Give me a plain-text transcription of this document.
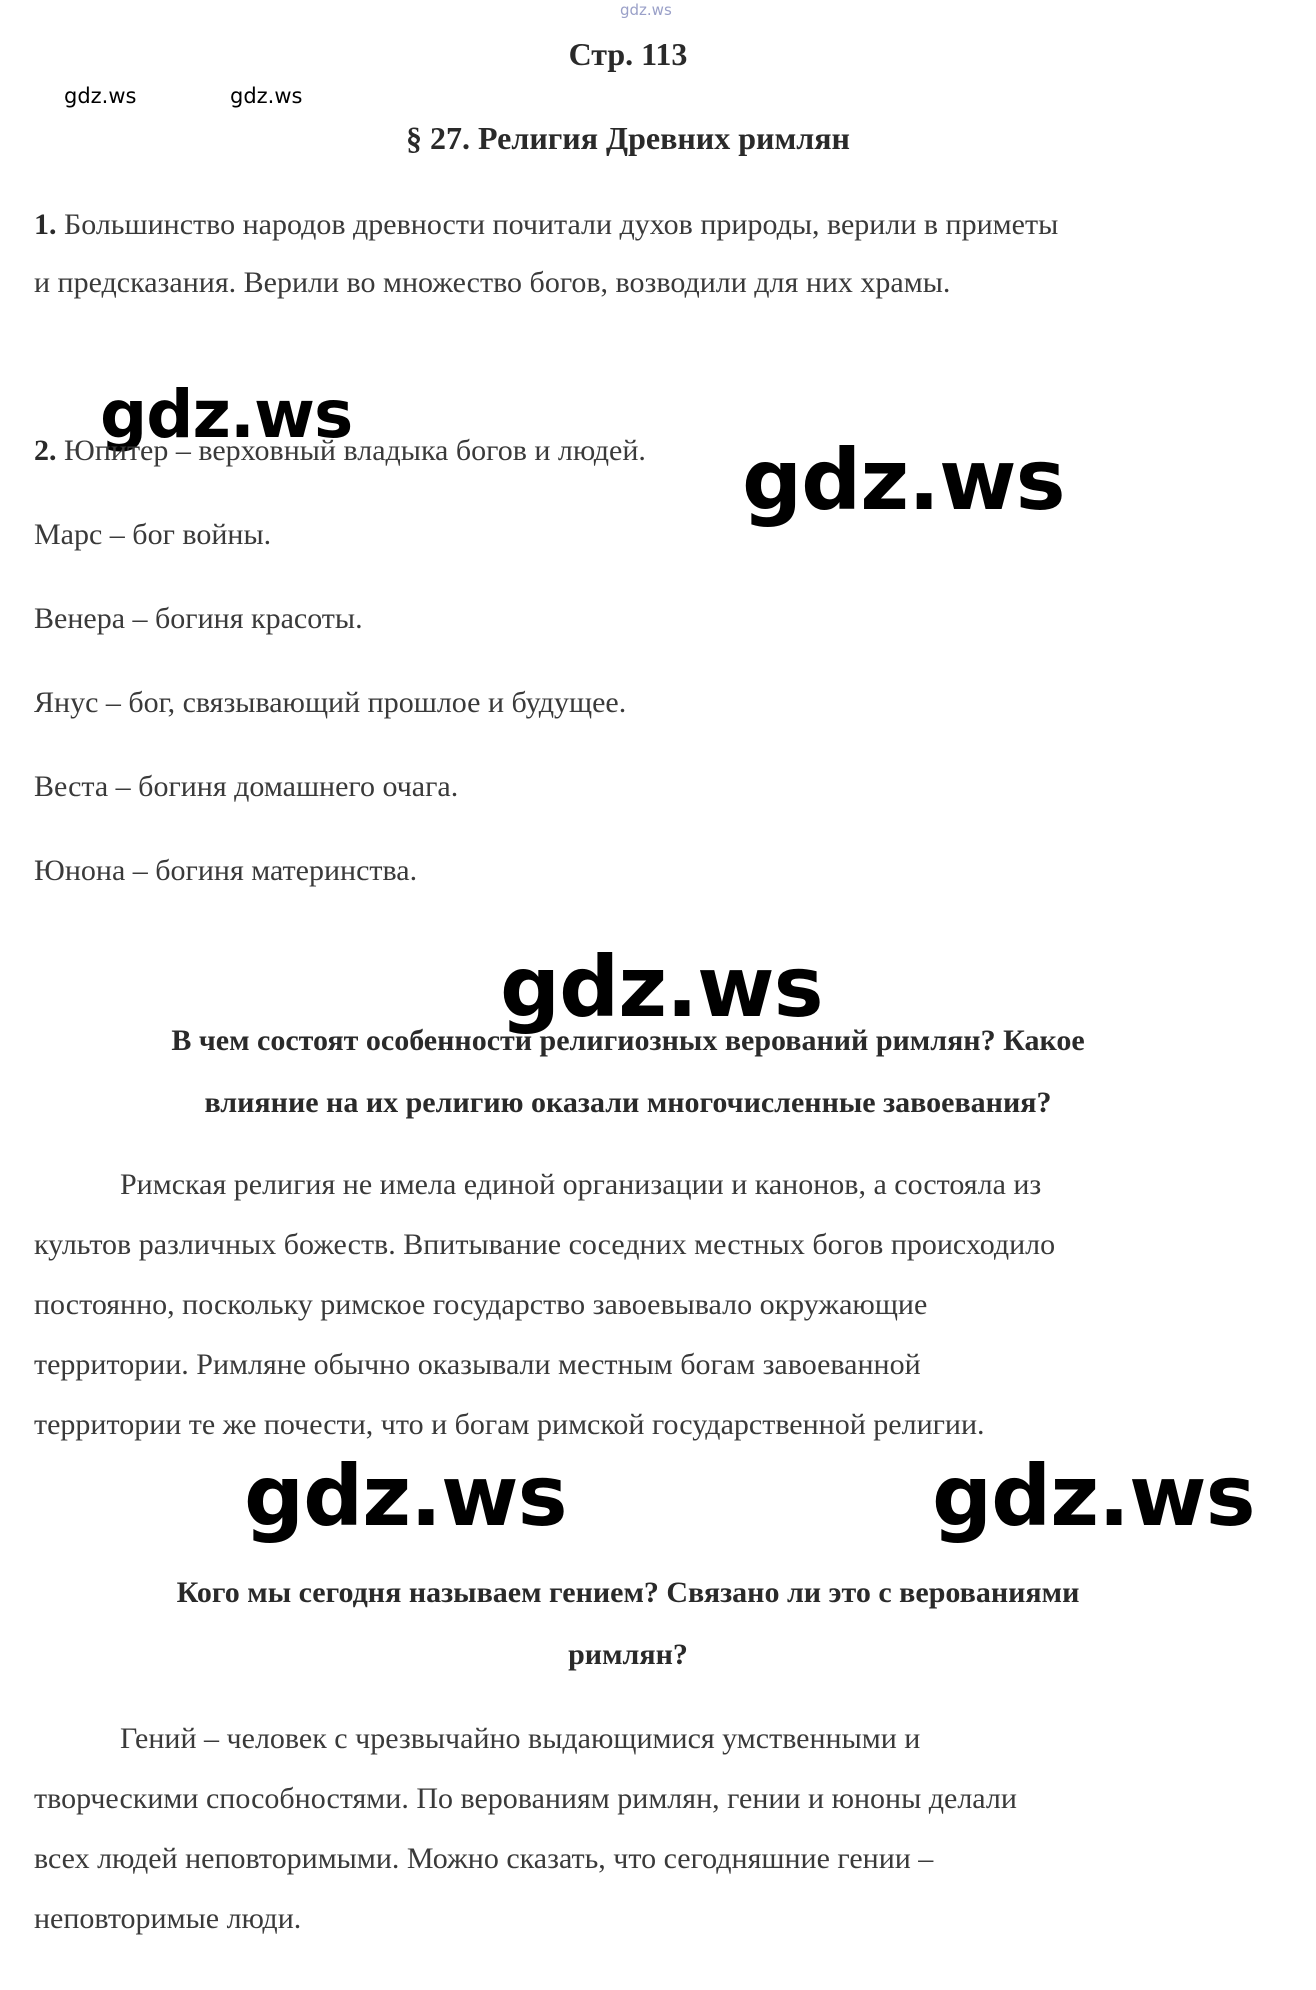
gdz.ws
gdz.ws	gdz.ws
Стр. 113
§ 27. Религия Древних римлян
1. Большинство народов древности почитали духов природы, верили в приметы
и предсказания. Верили во множество богов, возводили для них храмы.
gdz.ws
2. Юпитер – верховный владыка богов и людей. gdz.ws
Марс – бог войны.
Венера – богиня красоты.
Янус – бог, связывающий прошлое и будущее.
Веста – богиня домашнего очага.
Юнона – богиня материнства.
gdz.ws
В чем состоят особенности религиозных верований римлян? Какое
влияние на их религию оказали многочисленные завоевания?
Римская религия не имела единой организации и канонов, а состояла из
культов различных божеств. Впитывание соседних местных богов происходило
постоянно, поскольку римское государство завоевывало окружающие
территории. Римляне обычно оказывали местным богам завоеванной
территории те же почести, что и богам римской государственной религии.
gdz.ws	gdz.ws
Кого мы сегодня называем гением? Связано ли это с верованиями
римлян?
Гений – человек с чрезвычайно выдающимися умственными и
творческими способностями. По верованиям римлян, гении и юноны делали
всех людей неповторимыми. Можно сказать, что сегодняшние гении –
неповторимые люди.
